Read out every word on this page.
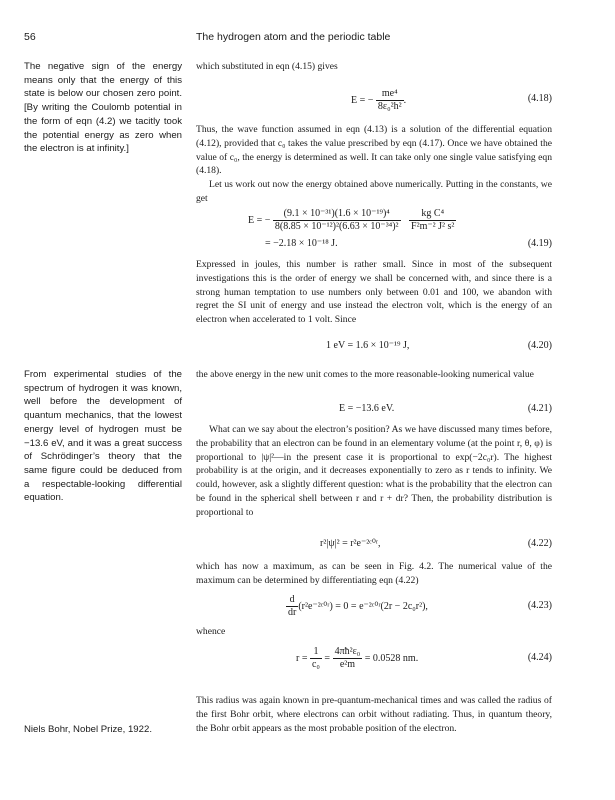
56	The hydrogen atom and the periodic table
The negative sign of the energy means only that the energy of this state is below our chosen zero point. [By writing the Coulomb potential in the form of eqn (4.2) we tacitly took the potential energy as zero when the electron is at infinity.]
From experimental studies of the spectrum of hydrogen it was known, well before the development of quantum mechanics, that the lowest energy level of hydrogen must be −13.6 eV, and it was a great success of Schrödinger’s theory that the same figure could be deduced from a respectable-looking differential equation.
Niels Bohr, Nobel Prize, 1922.
which substituted in eqn (4.15) gives
E = − $\frac{\text{me⁴}}{\text{8ε₀²h²}}$ .	(4.18)

Thus, the wave function assumed in eqn (4.13) is a solution of the differential equation (4.12), provided that c₀ takes the value prescribed by eqn (4.17). Once we have obtained the value of c₀, the energy is determined as well. It can take only one single value satisfying eqn (4.18).

Let us work out now the energy obtained above numerically. Putting in the constants, we get

E = − $\frac{\text{(9.1 × 10⁻³¹)(1.6 × 10⁻¹⁹)⁴}}{\text{8(8.85 × 10⁻¹²)²(6.63 × 10⁻³⁴)²}}$
$\frac{\text{kg C⁴}}{\text{F²m⁻² J² s²}}$
= −2.18 × 10⁻¹⁸ J.	(4.19)
Expressed in joules, this number is rather small. Since in most of the subsequent investigations this is the order of energy we shall be concerned with, and since there is a strong human temptation to use numbers only between 0.01 and 100, we abandon with regret the SI unit of energy and use instead the electron volt, which is the energy of an electron when accelerated to 1 volt. Since
1 eV = 1.6 × 10⁻¹⁹ J,	(4.20)
the above energy in the new unit comes to the more reasonable-looking numerical value
E = −13.6 eV.	(4.21)
What can we say about the electron’s position? As we have discussed many times before, the probability that an electron can be found in an elementary volume (at the point r, θ, φ) is proportional to |ψ|²—in the present case it is proportional to exp(−2c₀r). The highest probability is at the origin, and it decreases exponentially to zero as r tends to infinity. We could, however, ask a slightly different question: what is the probability that the electron can be found in the spherical shell between r and r + dr? Then, the probability distribution is proportional to
r²|ψ|² = r²e⁻²ᶜ⁰ʳ,	(4.22)
which has now a maximum, as can be seen in Fig. 4.2. The numerical value of the maximum can be determined by differentiating eqn (4.22)
$\frac{d}{dr}$ (r²e⁻²ᶜ⁰ʳ) = 0 = e⁻²ᶜ⁰ʳ(2r − 2c₀r²),	(4.23)
whence
$r = \frac{1}{\text{c₀}} = \frac{\text{4πħ²ε₀}}{\text{e²m}} = 0.0528$ nm.	(4.24)
This radius was again known in pre-quantum-mechanical times and was called the radius of the first Bohr orbit, where electrons can orbit without radiating. Thus, in quantum theory, the Bohr orbit appears as the most probable position of the electron.
